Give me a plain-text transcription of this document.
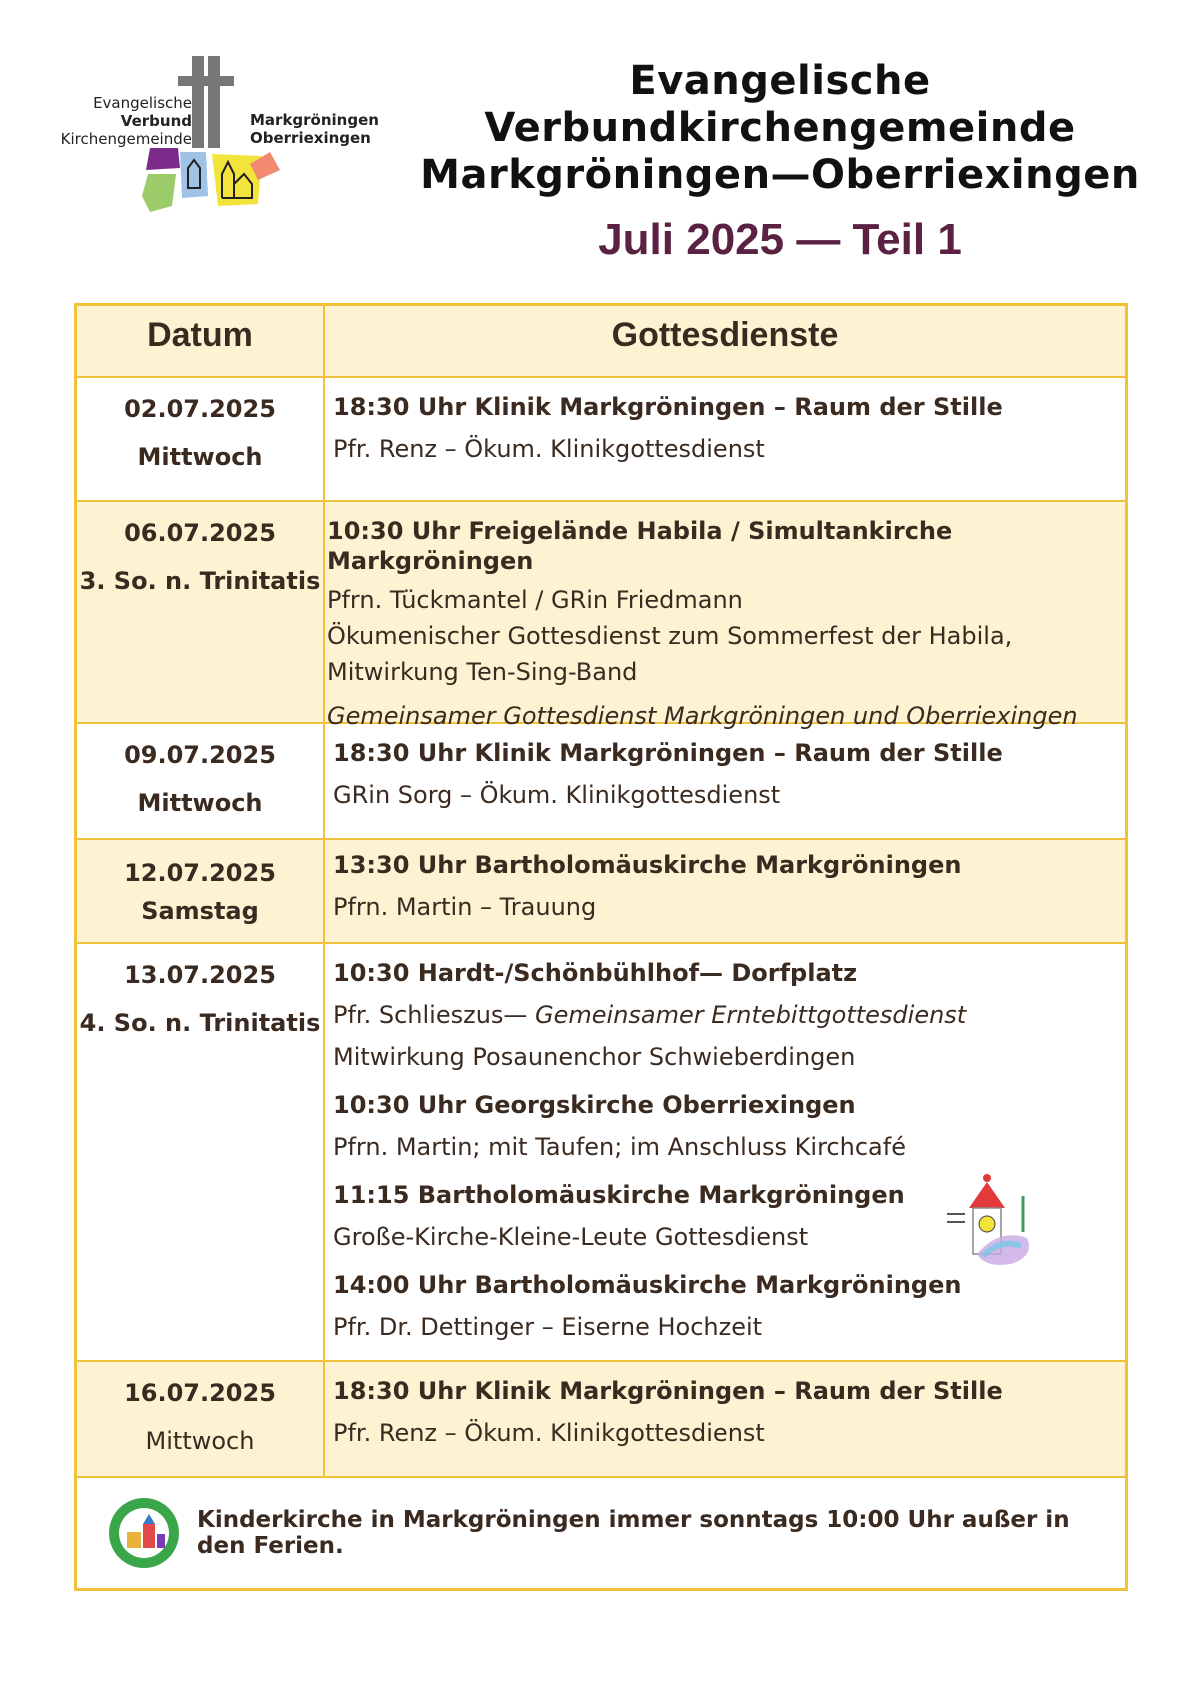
Evangelische
Verbund
Kirchengemeinde
Markgröningen
Oberriexingen
Evangelische
Verbundkirchengemeinde
Markgröningen—Oberriexingen
Juli 2025 — Teil 1
Datum	Gottesdienste
02.07.2025
Mittwoch
18:30 Uhr Klinik Markgröningen – Raum der Stille
Pfr. Renz – Ökum. Klinikgottesdienst
06.07.2025
3. So. n. Trinitatis
10:30 Uhr Freigelände Habila / Simultankirche Markgröningen
Pfrn. Tückmantel / GRin Friedmann
Ökumenischer Gottesdienst zum Sommerfest der Habila,
Mitwirkung Ten-Sing-Band
Gemeinsamer Gottesdienst Markgröningen und Oberriexingen
09.07.2025
Mittwoch
18:30 Uhr Klinik Markgröningen – Raum der Stille
GRin Sorg – Ökum. Klinikgottesdienst
12.07.2025
Samstag
13:30 Uhr Bartholomäuskirche Markgröningen
Pfrn. Martin – Trauung
13.07.2025
4. So. n. Trinitatis
10:30 Hardt-/Schönbühlhof— Dorfplatz
Pfr. Schlieszus— Gemeinsamer Erntebittgottesdienst
Mitwirkung Posaunenchor Schwieberdingen
10:30 Uhr Georgskirche Oberriexingen
Pfrn. Martin; mit Taufen; im Anschluss Kirchcafé
11:15 Bartholomäuskirche Markgröningen
Große-Kirche-Kleine-Leute Gottesdienst
14:00 Uhr Bartholomäuskirche Markgröningen
Pfr. Dr. Dettinger – Eiserne Hochzeit
16.07.2025
Mittwoch
18:30 Uhr Klinik Markgröningen – Raum der Stille
Pfr. Renz – Ökum. Klinikgottesdienst
Kinderkirche in Markgröningen immer sonntags 10:00 Uhr außer in den Ferien.
